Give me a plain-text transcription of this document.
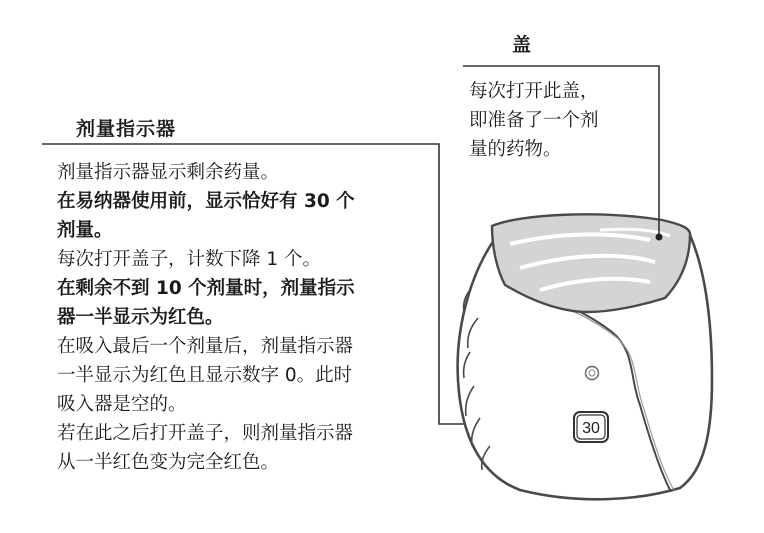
盖
每次打开此盖，
即准备了一个剂
量的药物。
剂量指示器
剂量指示器显示剩余药量。
在易纳器使用前，显示恰好有 30 个
剂量。
每次打开盖子，计数下降 1 个。
在剩余不到 10 个剂量时，剂量指示
器一半显示为红色。
在吸入最后一个剂量后，剂量指示器
一半显示为红色且显示数字 0。此时
吸入器是空的。
若在此之后打开盖子，则剂量指示器
从一半红色变为完全红色。
30
